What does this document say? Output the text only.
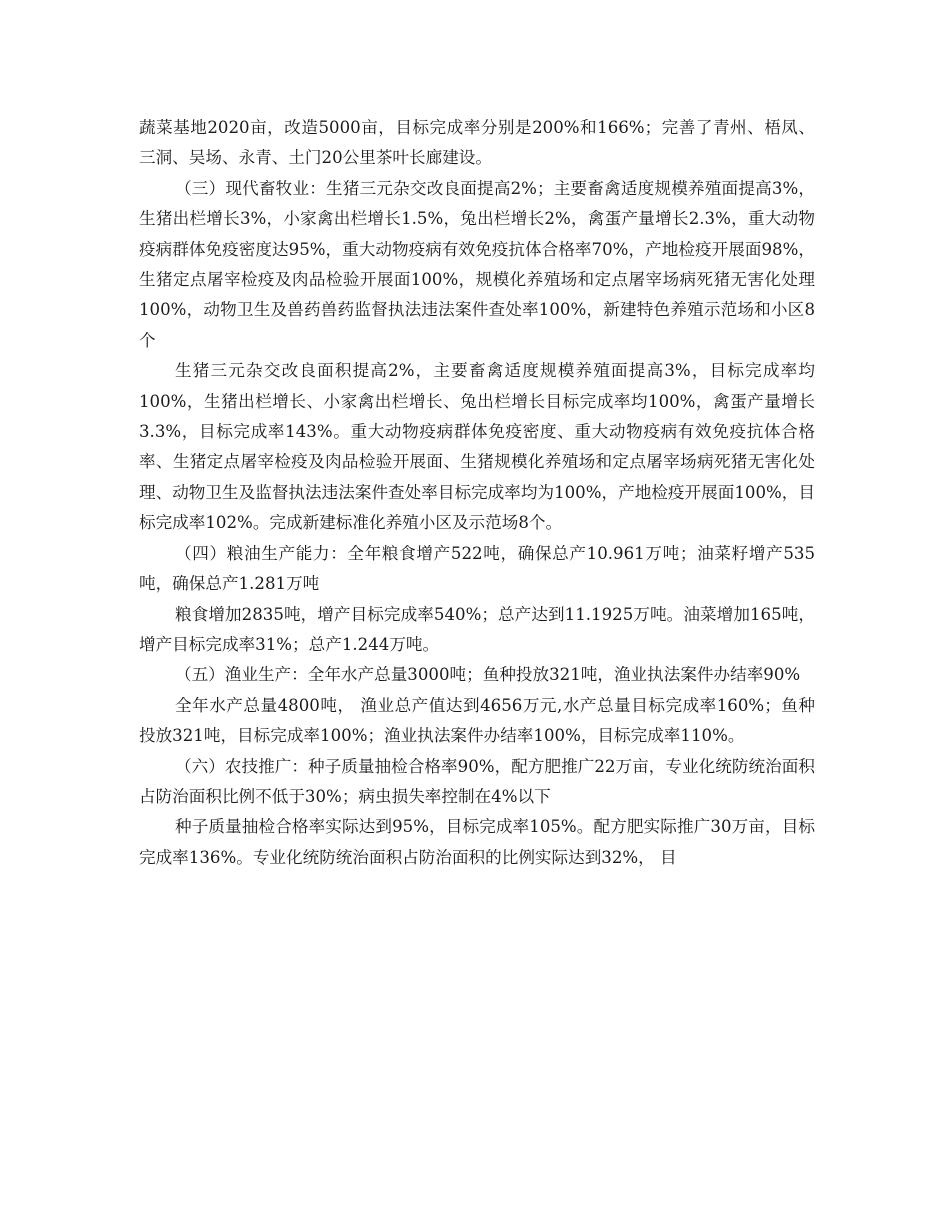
蔬菜基地2020亩，改造5000亩，目标完成率分别是200%和166%；完善了青州、梧凤、三洞、吴场、永青、土门20公里茶叶长廊建设。

（三）现代畜牧业：生猪三元杂交改良面提高2%；主要畜禽适度规模养殖面提高3%，生猪出栏增长3%，小家禽出栏增长1.5%，兔出栏增长2%，禽蛋产量增长2.3%，重大动物疫病群体免疫密度达95%，重大动物疫病有效免疫抗体合格率70%，产地检疫开展面98%，生猪定点屠宰检疫及肉品检验开展面100%，规模化养殖场和定点屠宰场病死猪无害化处理100%，动物卫生及兽药兽药监督执法违法案件查处率100%，新建特色养殖示范场和小区8个

生猪三元杂交改良面积提高2%，主要畜禽适度规模养殖面提高3%，目标完成率均100%，生猪出栏增长、小家禽出栏增长、兔出栏增长目标完成率均100%，禽蛋产量增长3.3%，目标完成率143%。重大动物疫病群体免疫密度、重大动物疫病有效免疫抗体合格率、生猪定点屠宰检疫及肉品检验开展面、生猪规模化养殖场和定点屠宰场病死猪无害化处理、动物卫生及监督执法违法案件查处率目标完成率均为100%，产地检疫开展面100%，目标完成率102%。完成新建标准化养殖小区及示范场8个。

（四）粮油生产能力：全年粮食增产522吨，确保总产10.961万吨；油菜籽增产535吨，确保总产1.281万吨

粮食增加2835吨，增产目标完成率540%；总产达到11.1925万吨。油菜增加165吨，增产目标完成率31%；总产1.244万吨。

（五）渔业生产：全年水产总量3000吨；鱼种投放321吨，渔业执法案件办结率90%

全年水产总量4800吨， 渔业总产值达到4656万元,水产总量目标完成率160%；鱼种投放321吨，目标完成率100%；渔业执法案件办结率100%，目标完成率110%。

（六）农技推广：种子质量抽检合格率90%，配方肥推广22万亩，专业化统防统治面积占防治面积比例不低于30%；病虫损失率控制在4%以下

种子质量抽检合格率实际达到95%，目标完成率105%。配方肥实际推广30万亩，目标完成率136%。专业化统防统治面积占防治面积的比例实际达到32%， 目
